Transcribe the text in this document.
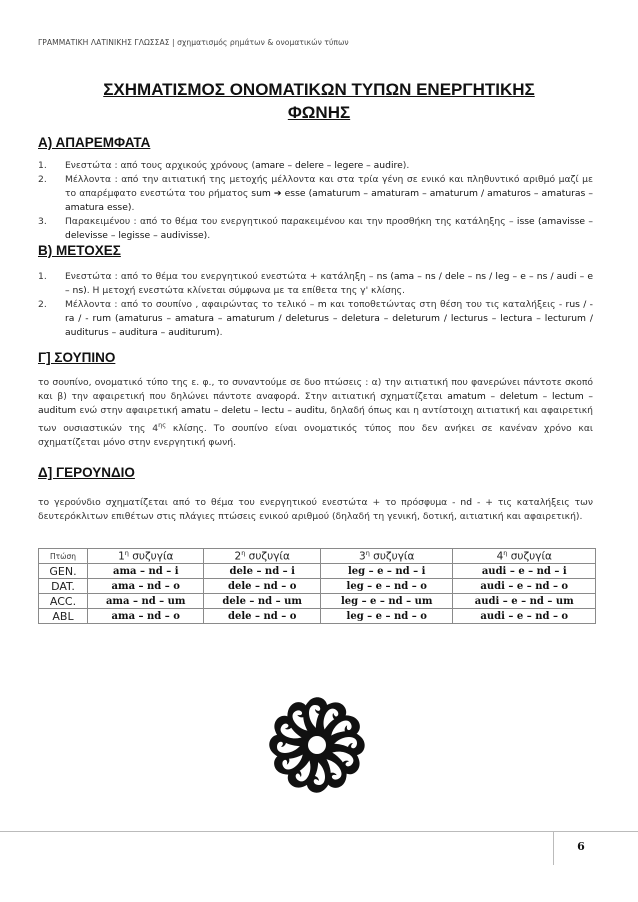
ΓΡΑΜΜΑΤΙΚΗ ΛΑΤΙΝΙΚΗΣ ΓΛΩΣΣΑΣ | σχηματισμός ρημάτων & ονοματικών τύπων
ΣΧΗΜΑΤΙΣΜΟΣ ΟΝΟΜΑΤΙΚΩΝ ΤΥΠΩΝ ΕΝΕΡΓΗΤΙΚΗΣ
ΦΩΝΗΣ
Α) ΑΠΑΡΕΜΦΑΤΑ
1. Ενεστώτα : από τους αρχικούς χρόνους (amare – delere – legere – audire).
2. Μέλλοντα : από την αιτιατική της μετοχής μέλλοντα και στα τρία γένη σε ενικό και πληθυντικό αριθμό μαζί με το απαρέμφατο ενεστώτα του ρήματος sum ➔ esse (amaturum – amaturam – amaturum / amaturos – amaturas – amatura esse).
3. Παρακειμένου : από το θέμα του ενεργητικού παρακειμένου και την προσθήκη της κατάληξης – isse (amavisse – delevisse – legisse – audivisse).
Β) ΜΕΤΟΧΕΣ
1. Ενεστώτα : από το θέμα του ενεργητικού ενεστώτα + κατάληξη – ns (ama – ns / dele – ns / leg – e – ns / audi – e – ns). Η μετοχή ενεστώτα κλίνεται σύμφωνα με τα επίθετα της γ' κλίσης.
2. Μέλλοντα : από το σουπίνο , αφαιρώντας το τελικό – m και τοποθετώντας στη θέση του τις καταλήξεις - rus / - ra / - rum (amaturus – amatura – amaturum / deleturus – deletura – deleturum / lecturus – lectura – lecturum / auditurus – auditura – auditurum).
Γ] ΣΟΥΠΙΝΟ

το σουπίνο, ονοματικό τύπο της ε. φ., το συναντούμε σε δυο πτώσεις : α) την αιτιατική που φανερώνει πάντοτε σκοπό και β) την αφαιρετική που δηλώνει πάντοτε αναφορά. Στην αιτιατική σχηματίζεται amatum – deletum – lectum – auditum ενώ στην αφαιρετική amatu – deletu – lectu – auditu, δηλαδή όπως και η αντίστοιχη αιτιατική και αφαιρετική των ουσιαστικών της $4^{\eta\varsigma}$ κλίσης. Το σουπίνο είναι ονοματικός τύπος που δεν ανήκει σε κανέναν χρόνο και σχηματίζεται μόνο στην ενεργητική φωνή.

Δ] ΓΕΡΟΥΝΔΙΟ

το γερούνδιο σχηματίζεται από το θέμα του ενεργητικού ενεστώτα + το πρόσφυμα - nd - + τις καταλήξεις των δευτερόκλιτων επιθέτων στις πλάγιες πτώσεις ενικού αριθμού (δηλαδή τη γενική, δοτική, αιτιατική και αφαιρετική).

Πτώση	$1^\eta$ συζυγία	$2^\eta$ συζυγία	$3^\eta$ συζυγία	$4^\eta$ συζυγία
GEN.	ama – nd – i	dele – nd – i	leg – e – nd – i	audi – e – nd – i
DAT.	ama – nd – o	dele – nd – o	leg – e – nd – o	audi – e – nd – o
ACC.	ama – nd – um	dele – nd – um	leg – e – nd – um	audi – e – nd – um
ABL	ama – nd – o	dele – nd – o	leg – e – nd – o	audi – e – nd – o
6
